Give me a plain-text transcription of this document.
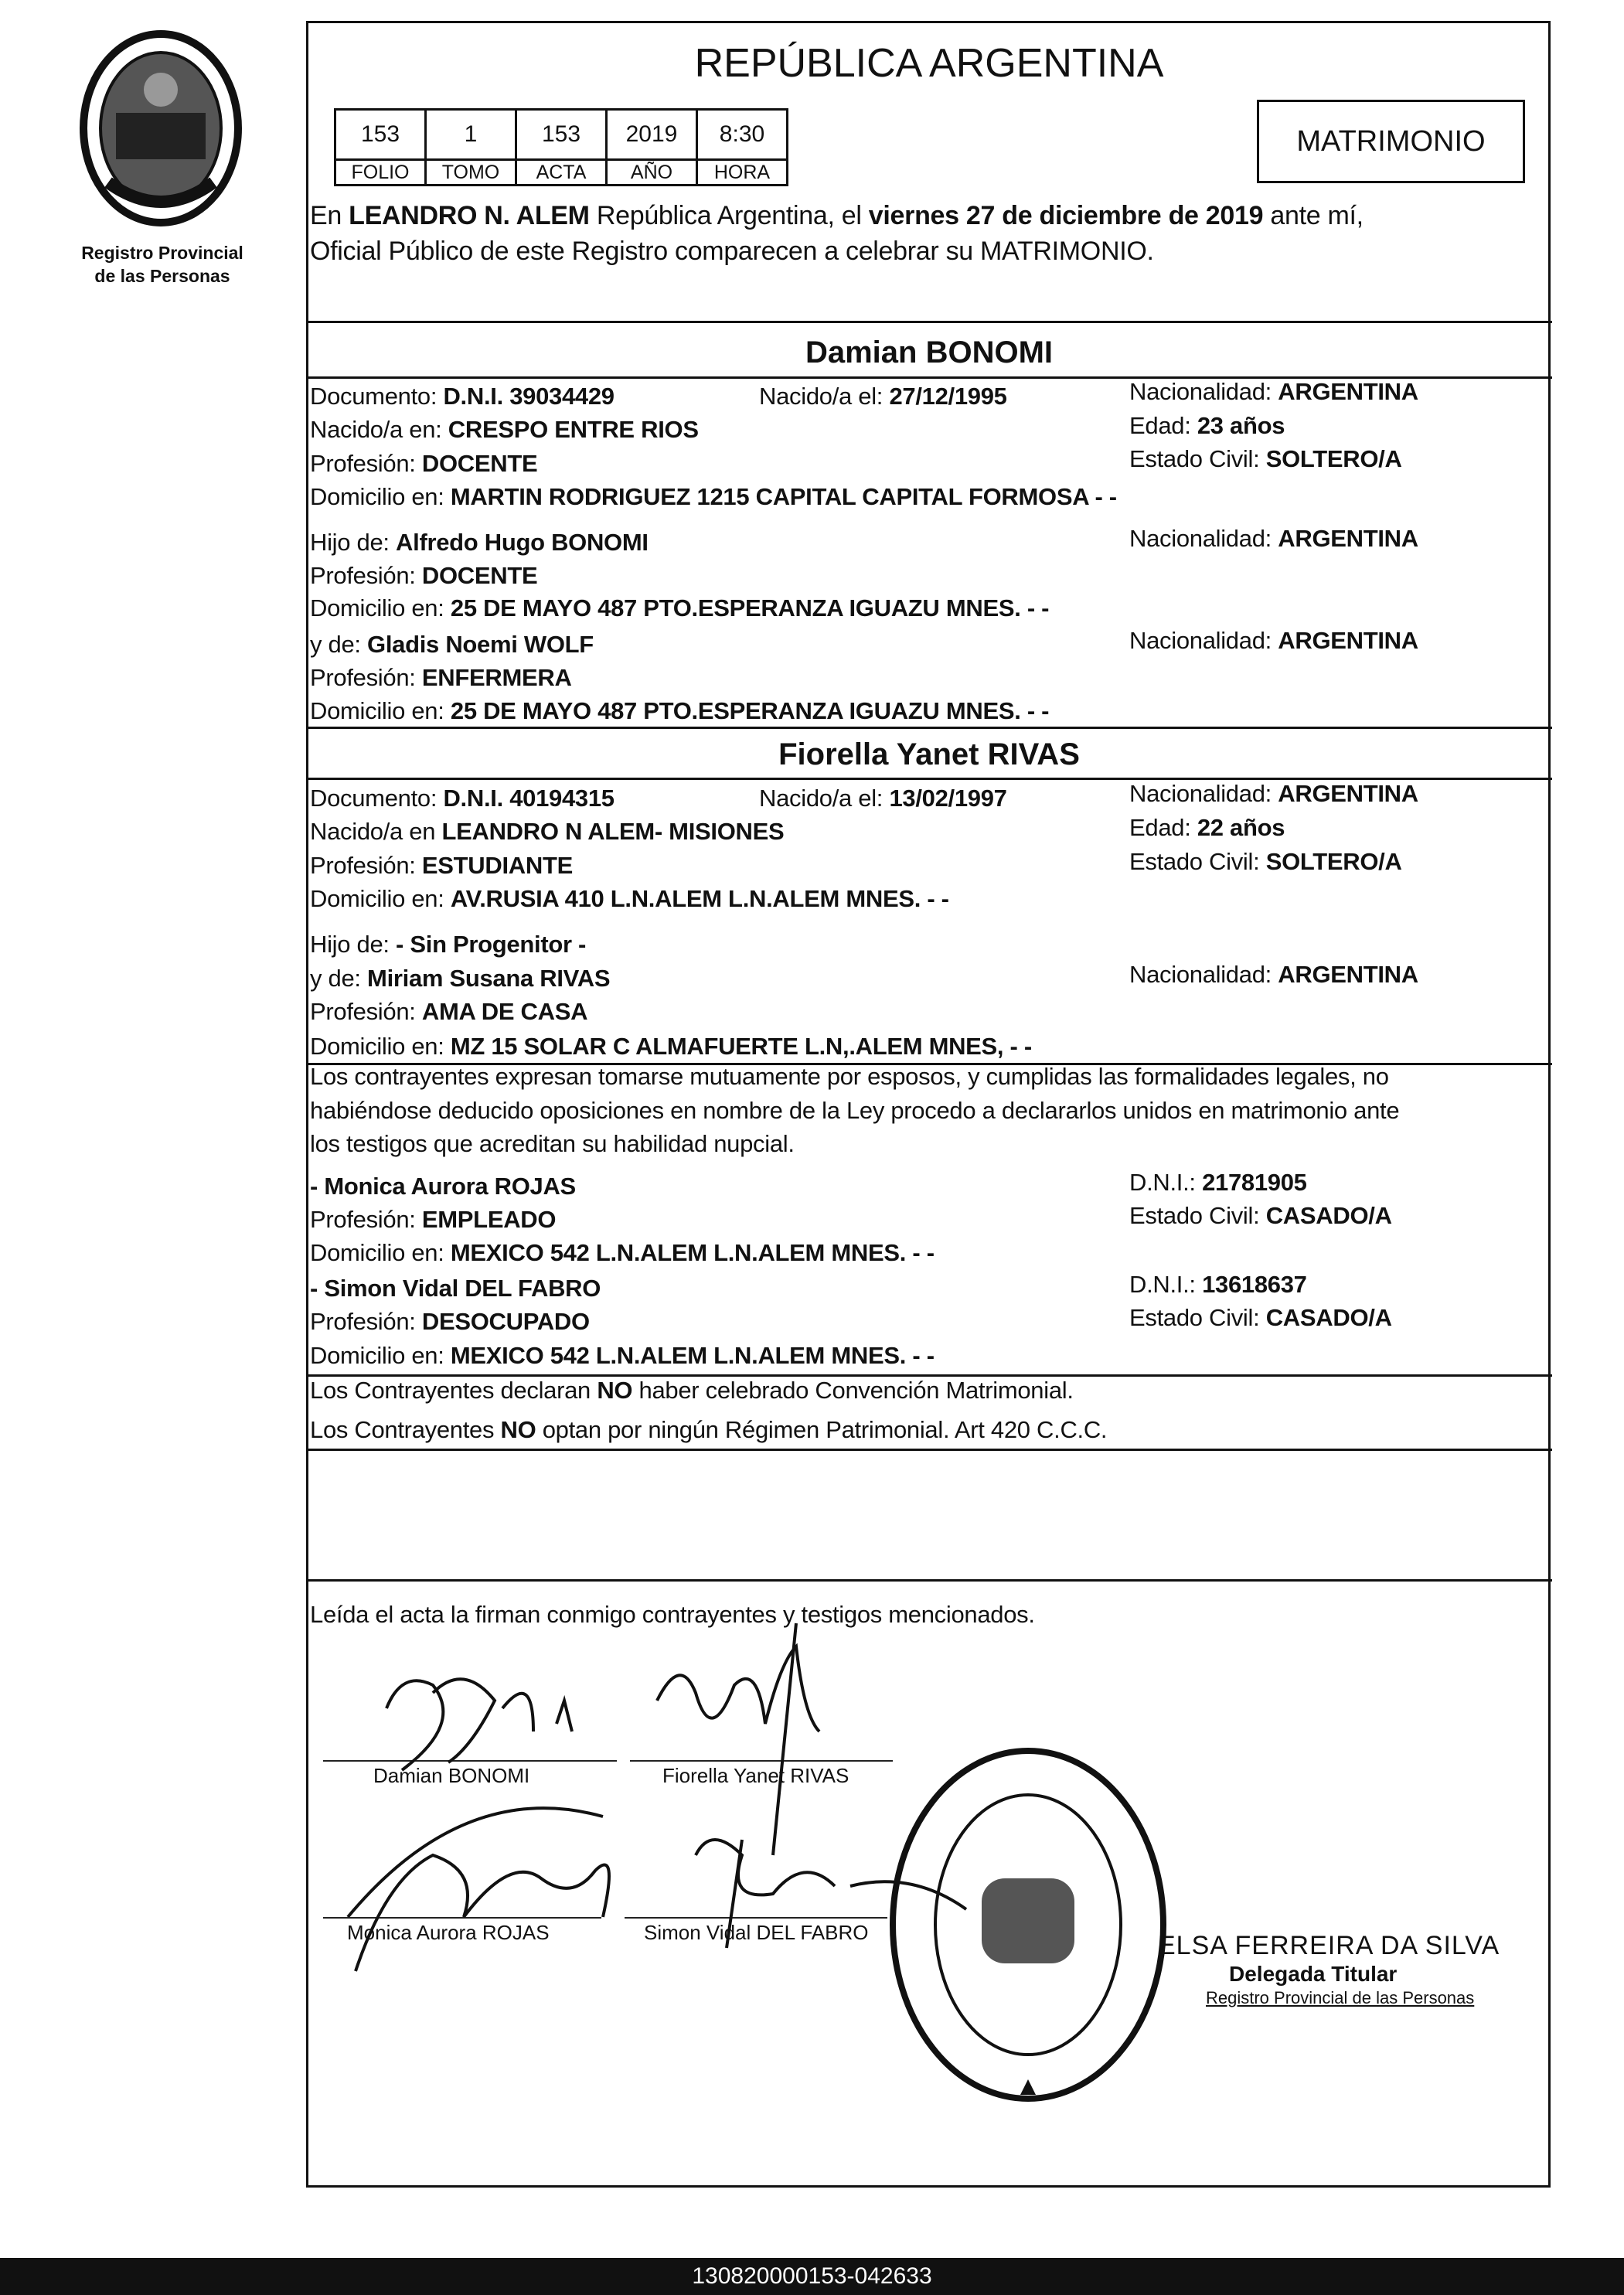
Registro Provincial
de las Personas
REPÚBLICA ARGENTINA
153	1	153	2019	8:30
FOLIO	TOMO	ACTA	AÑO	HORA
MATRIMONIO
En LEANDRO N. ALEM República Argentina, el viernes 27 de diciembre de 2019 ante mí,
Oficial Público de este Registro comparecen a celebrar su MATRIMONIO.
Damian BONOMI
Documento: D.N.I. 39034429	Nacido/a el: 27/12/1995	Nacionalidad: ARGENTINA
Nacido/a en: CRESPO ENTRE RIOS	Edad: 23 años
Profesión: DOCENTE	Estado Civil: SOLTERO/A
Domicilio en: MARTIN RODRIGUEZ 1215 CAPITAL CAPITAL FORMOSA - -
Hijo de: Alfredo Hugo BONOMI	Nacionalidad: ARGENTINA
Profesión: DOCENTE
Domicilio en: 25 DE MAYO 487 PTO.ESPERANZA IGUAZU MNES. - -
y de: Gladis Noemi WOLF	Nacionalidad: ARGENTINA
Profesión: ENFERMERA
Domicilio en: 25 DE MAYO 487 PTO.ESPERANZA IGUAZU MNES. - -
Fiorella Yanet RIVAS
Documento: D.N.I. 40194315	Nacido/a el: 13/02/1997	Nacionalidad: ARGENTINA
Nacido/a en LEANDRO N ALEM- MISIONES	Edad: 22 años
Profesión: ESTUDIANTE	Estado Civil: SOLTERO/A
Domicilio en: AV.RUSIA 410 L.N.ALEM L.N.ALEM MNES. - -
Hijo de: - Sin Progenitor -
y de: Miriam Susana RIVAS	Nacionalidad: ARGENTINA
Profesión: AMA DE CASA
Domicilio en: MZ 15 SOLAR C ALMAFUERTE L.N,.ALEM MNES, - -
Los contrayentes expresan tomarse mutuamente por esposos, y cumplidas las formalidades legales, no
habiéndose deducido oposiciones en nombre de la Ley procedo a declararlos unidos en matrimonio ante
los testigos que acreditan su habilidad nupcial.
- Monica Aurora ROJAS	D.N.I.: 21781905
Profesión: EMPLEADO	Estado Civil: CASADO/A
Domicilio en: MEXICO 542 L.N.ALEM L.N.ALEM MNES. - -
- Simon Vidal DEL FABRO	D.N.I.: 13618637
Profesión: DESOCUPADO	Estado Civil: CASADO/A
Domicilio en: MEXICO 542 L.N.ALEM L.N.ALEM MNES. - -
Los Contrayentes declaran NO haber celebrado Convención Matrimonial.
Los Contrayentes NO optan por ningún Régimen Patrimonial. Art 420 C.C.C.
Leída el acta la firman conmigo contrayentes y testigos mencionados.
Damian BONOMI	Fiorella Yanet RIVAS
Monica Aurora ROJAS	Simon Vidal DEL FABRO	ELSA FERREIRA DA SILVA
Delegada Titular
Registro Provincial de las Personas
130820000153-042633
